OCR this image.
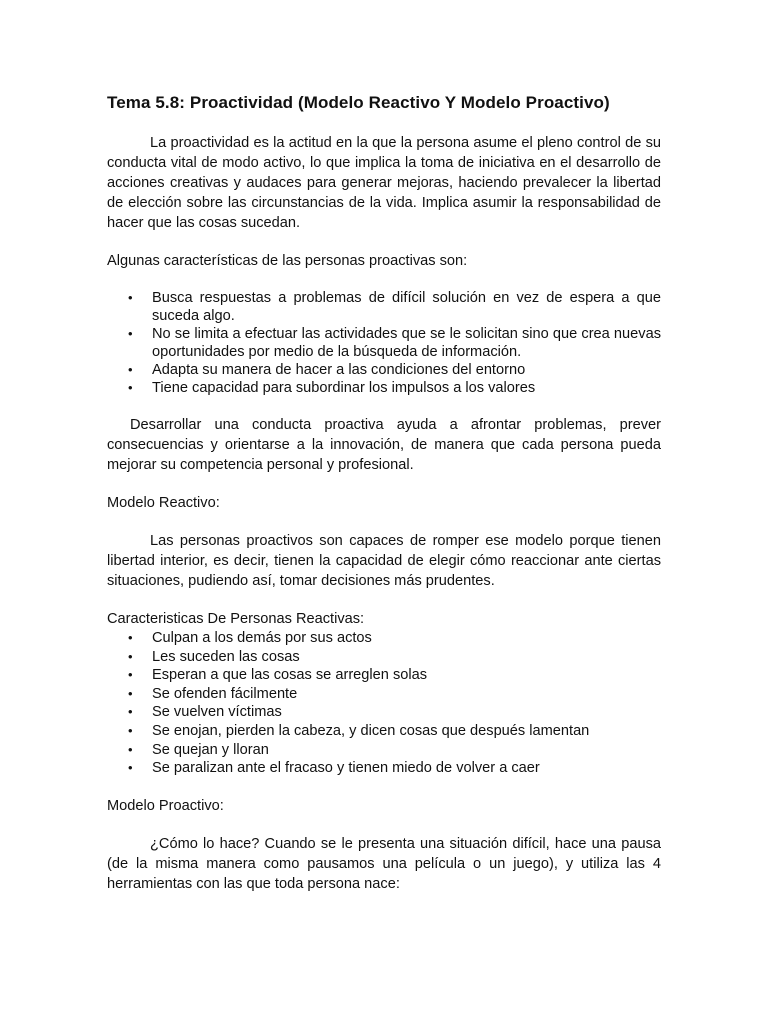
Tema 5.8: Proactividad (Modelo Reactivo Y Modelo Proactivo)

La proactividad es la actitud en la que la persona asume el pleno control de su conducta vital de modo activo, lo que implica la toma de iniciativa en el desarrollo de acciones creativas y audaces para generar mejoras, haciendo prevalecer la libertad de elección sobre las circunstancias de la vida. Implica asumir la responsabilidad de hacer que las cosas sucedan.

Algunas características de las personas proactivas son:

• Busca respuestas a problemas de difícil solución en vez de espera a que suceda algo.
• No se limita a efectuar las actividades que se le solicitan sino que crea nuevas oportunidades por medio de la búsqueda de información.
• Adapta su manera de hacer a las condiciones del entorno
• Tiene capacidad para subordinar los impulsos a los valores

Desarrollar una conducta proactiva ayuda a afrontar problemas, prever consecuencias y orientarse a la innovación, de manera que cada persona pueda mejorar su competencia personal y profesional.

Modelo Reactivo:

Las personas proactivos son capaces de romper ese modelo porque tienen libertad interior, es decir, tienen la capacidad de elegir cómo reaccionar ante ciertas situaciones, pudiendo así, tomar decisiones más prudentes.

Caracteristicas De Personas Reactivas:

• Culpan a los demás por sus actos
• Les suceden las cosas
• Esperan a que las cosas se arreglen solas
• Se ofenden fácilmente
• Se vuelven víctimas
• Se enojan, pierden la cabeza, y dicen cosas que después lamentan
• Se quejan y lloran
• Se paralizan ante el fracaso y tienen miedo de volver a caer

Modelo Proactivo:

¿Cómo lo hace? Cuando se le presenta una situación difícil, hace una pausa (de la misma manera como pausamos una película o un juego), y utiliza las 4 herramientas con las que toda persona nace:
